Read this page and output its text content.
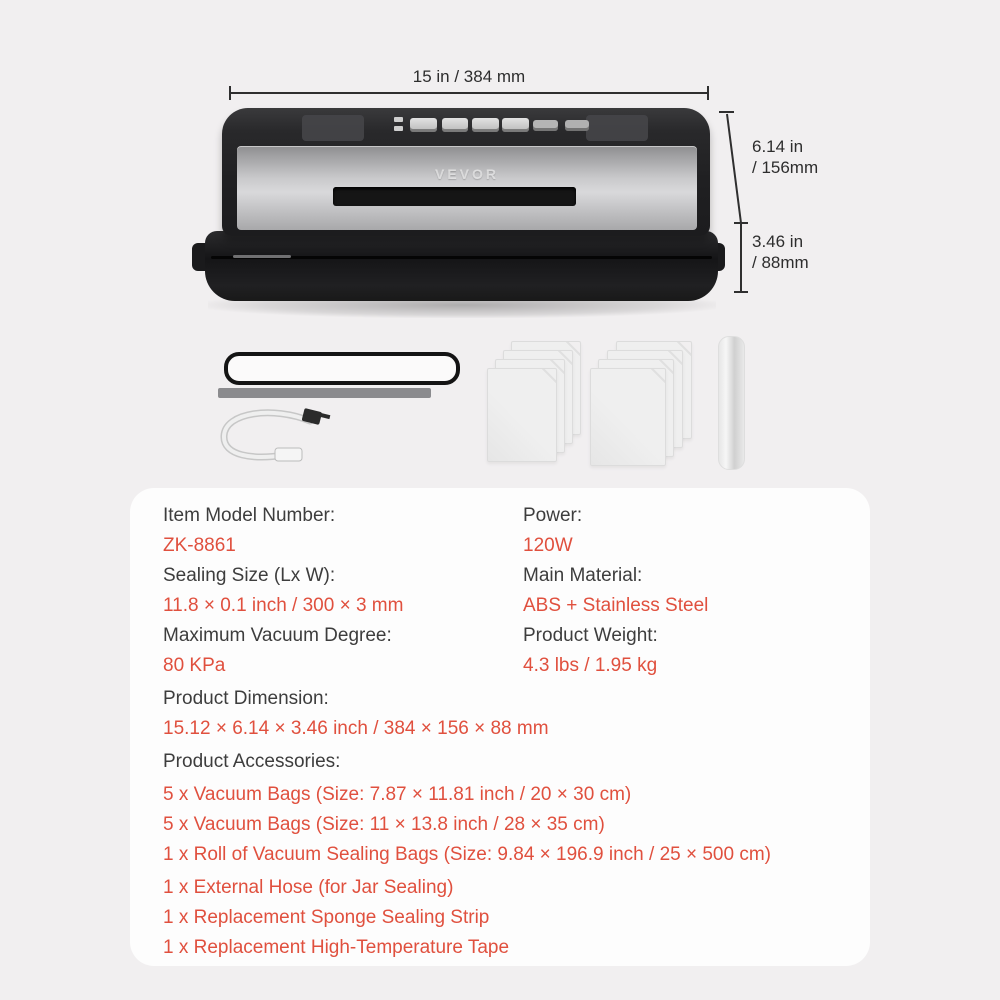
15 in / 384 mm
6.14 in
/ 156mm
3.46 in
/ 88mm
VEVOR
Item Model Number:
ZK-8861
Sealing Size (Lx W):
11.8 × 0.1 inch / 300 × 3 mm
Maximum Vacuum Degree:
80 KPa
Power:
120W
Main Material:
ABS + Stainless Steel
Product Weight:
4.3 lbs / 1.95 kg
Product Dimension:
15.12 × 6.14 × 3.46 inch / 384 × 156 × 88 mm
Product Accessories:
5 x Vacuum Bags (Size: 7.87 × 11.81 inch / 20 × 30 cm)
5 x Vacuum Bags (Size: 11 × 13.8 inch / 28 × 35 cm)
1 x Roll of Vacuum Sealing Bags (Size: 9.84 × 196.9 inch / 25 × 500 cm)
1 x External Hose (for Jar Sealing)
1 x Replacement Sponge Sealing Strip
1 x Replacement High-Temperature Tape
